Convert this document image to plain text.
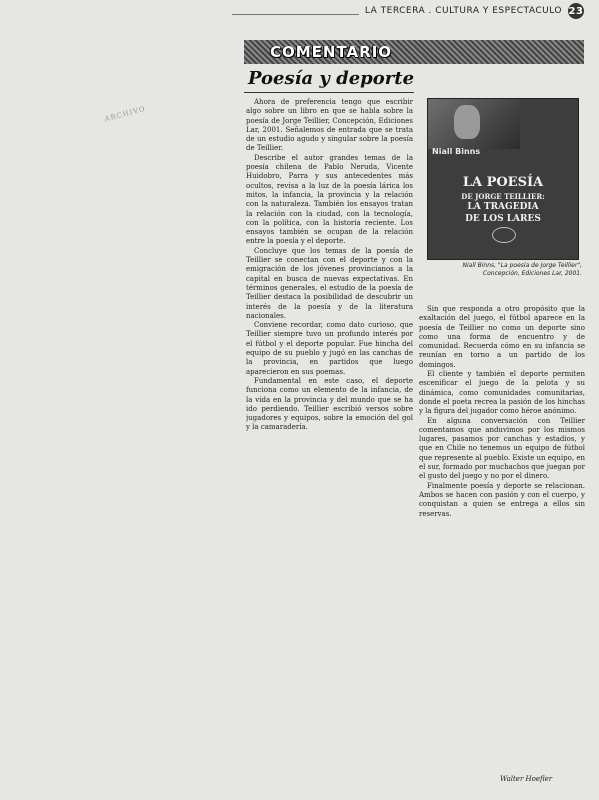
LA TERCERA . CULTURA Y ESPECTACULO 23
ARCHIVO
COMENTARIO
Poesía y deporte

Ahora de preferencia tengo que escribir algo sobre un libro en que se habla sobre la poesía de Jorge Teillier, Concepción, Ediciones Lar, 2001. Señalemos de entrada que se trata de un estudio agudo y singular sobre la poesía de Teillier.

Describe el autor grandes temas de la poesía chilena de Pablo Neruda, Vicente Huidobro, Parra y sus antecedentes más ocultos, revisa a la luz de la poesía lárica los mitos, la infancia, la provincia y la relación con la naturaleza. También los ensayos tratan la relación con la ciudad, con la tecnología, con la política, con la historia reciente. Los ensayos también se ocupan de la relación entre la poesía y el deporte.

Concluye que los temas de la poesía de Teillier se conectan con el deporte y con la emigración de los jóvenes provincianos a la capital en busca de nuevas expectativas. En términos generales, el estudio de la poesía de Teillier destaca la posibilidad de descubrir un interés de la poesía y de la literatura nacionales.

Conviene recordar, como dato curioso, que Teillier siempre tuvo un profundo interés por el fútbol y el deporte popular. Fue hincha del equipo de su pueblo y jugó en las canchas de la provincia, en partidos que luego aparecieron en sus poemas.

Fundamental en este caso, el deporte funciona como un elemento de la infancia, de la vida en la provincia y del mundo que se ha ido perdiendo. Teillier escribió versos sobre jugadores y equipos, sobre la emoción del gol y la camaradería.

Niall Binns
LA POESÍA
DE JORGE TEILLIER:
LA TRAGEDIA
DE LOS LARES
Niall Binns, "La poesía de Jorge Teillier",
Concepción, Ediciones Lar, 2001.

Sin que responda a otro propósito que la exaltación del juego, el fútbol aparece en la poesía de Teillier no como un deporte sino como una forma de encuentro y de comunidad. Recuerda cómo en su infancia se reunían en torno a un partido de los domingos.

El cliente y también el deporte permiten escenificar el juego de la pelota y su dinámica, como comunidades comunitarias, donde el poeta recrea la pasión de los hinchas y la figura del jugador como héroe anónimo.

En alguna conversación con Teillier comentamos que anduvimos por los mismos lugares, pasamos por canchas y estadios, y que en Chile no tenemos un equipo de fútbol que represente al pueblo. Existe un equipo, en el sur, formado por muchachos que juegan por el gusto del juego y no por el dinero.

Finalmente poesía y deporte se relacionan. Ambos se hacen con pasión y con el cuerpo, y conquistan a quien se entrega a ellos sin reservas.

Walter Hoefler
